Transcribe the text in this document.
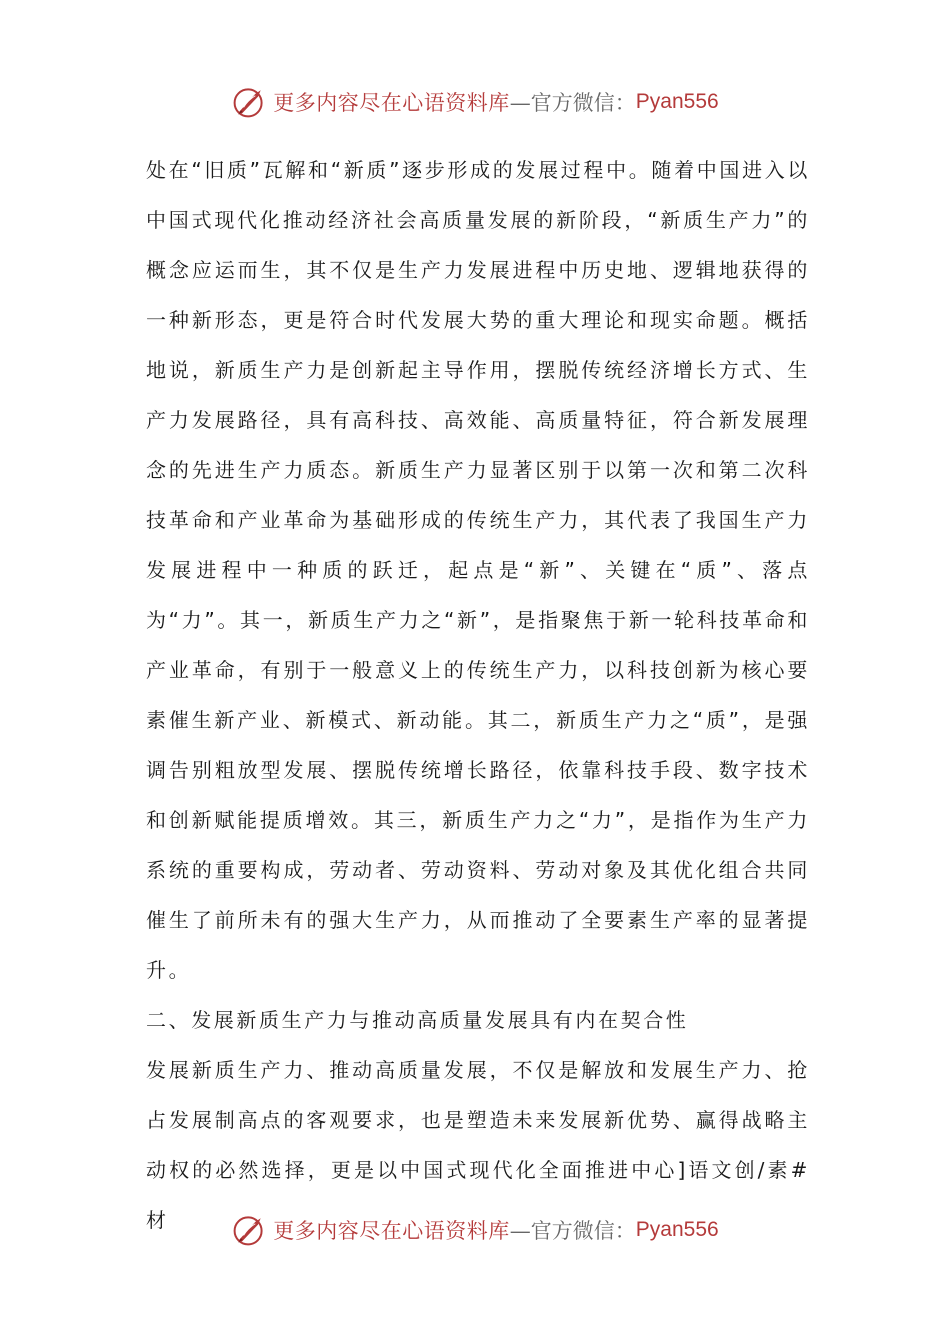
更多内容尽在心语资料库 —官方微信： Pyan556

处在“旧质”瓦解和“新质”逐步形成的发展过程中。随着中国进入以中国式现代化推动经济社会高质量发展的新阶段，“新质生产力”的概念应运而生，其不仅是生产力发展进程中历史地、逻辑地获得的一种新形态，更是符合时代发展大势的重大理论和现实命题。概括地说，新质生产力是创新起主导作用，摆脱传统经济增长方式、生产力发展路径，具有高科技、高效能、高质量特征，符合新发展理念的先进生产力质态。新质生产力显著区别于以第一次和第二次科技革命和产业革命为基础形成的传统生产力，其代表了我国生产力发展进程中一种质的跃迁，起点是“新”、关键在“质”、落点为“力”。其一，新质生产力之“新”，是指聚焦于新一轮科技革命和产业革命，有别于一般意义上的传统生产力，以科技创新为核心要素催生新产业、新模式、新动能。其二，新质生产力之“质”，是强调告别粗放型发展、摆脱传统增长路径，依靠科技手段、数字技术和创新赋能提质增效。其三，新质生产力之“力”，是指作为生产力系统的重要构成，劳动者、劳动资料、劳动对象及其优化组合共同催生了前所未有的强大生产力，从而推动了全要素生产率的显著提升。

二、发展新质生产力与推动高质量发展具有内在契合性

发展新质生产力、推动高质量发展，不仅是解放和发展生产力、抢占发展制高点的客观要求，也是塑造未来发展新优势、赢得战略主动权的必然选择，更是以中国式现代化全面推进中心]语文创/素#材	更多内容尽在心语资料库 —官方微信： Pyan556
